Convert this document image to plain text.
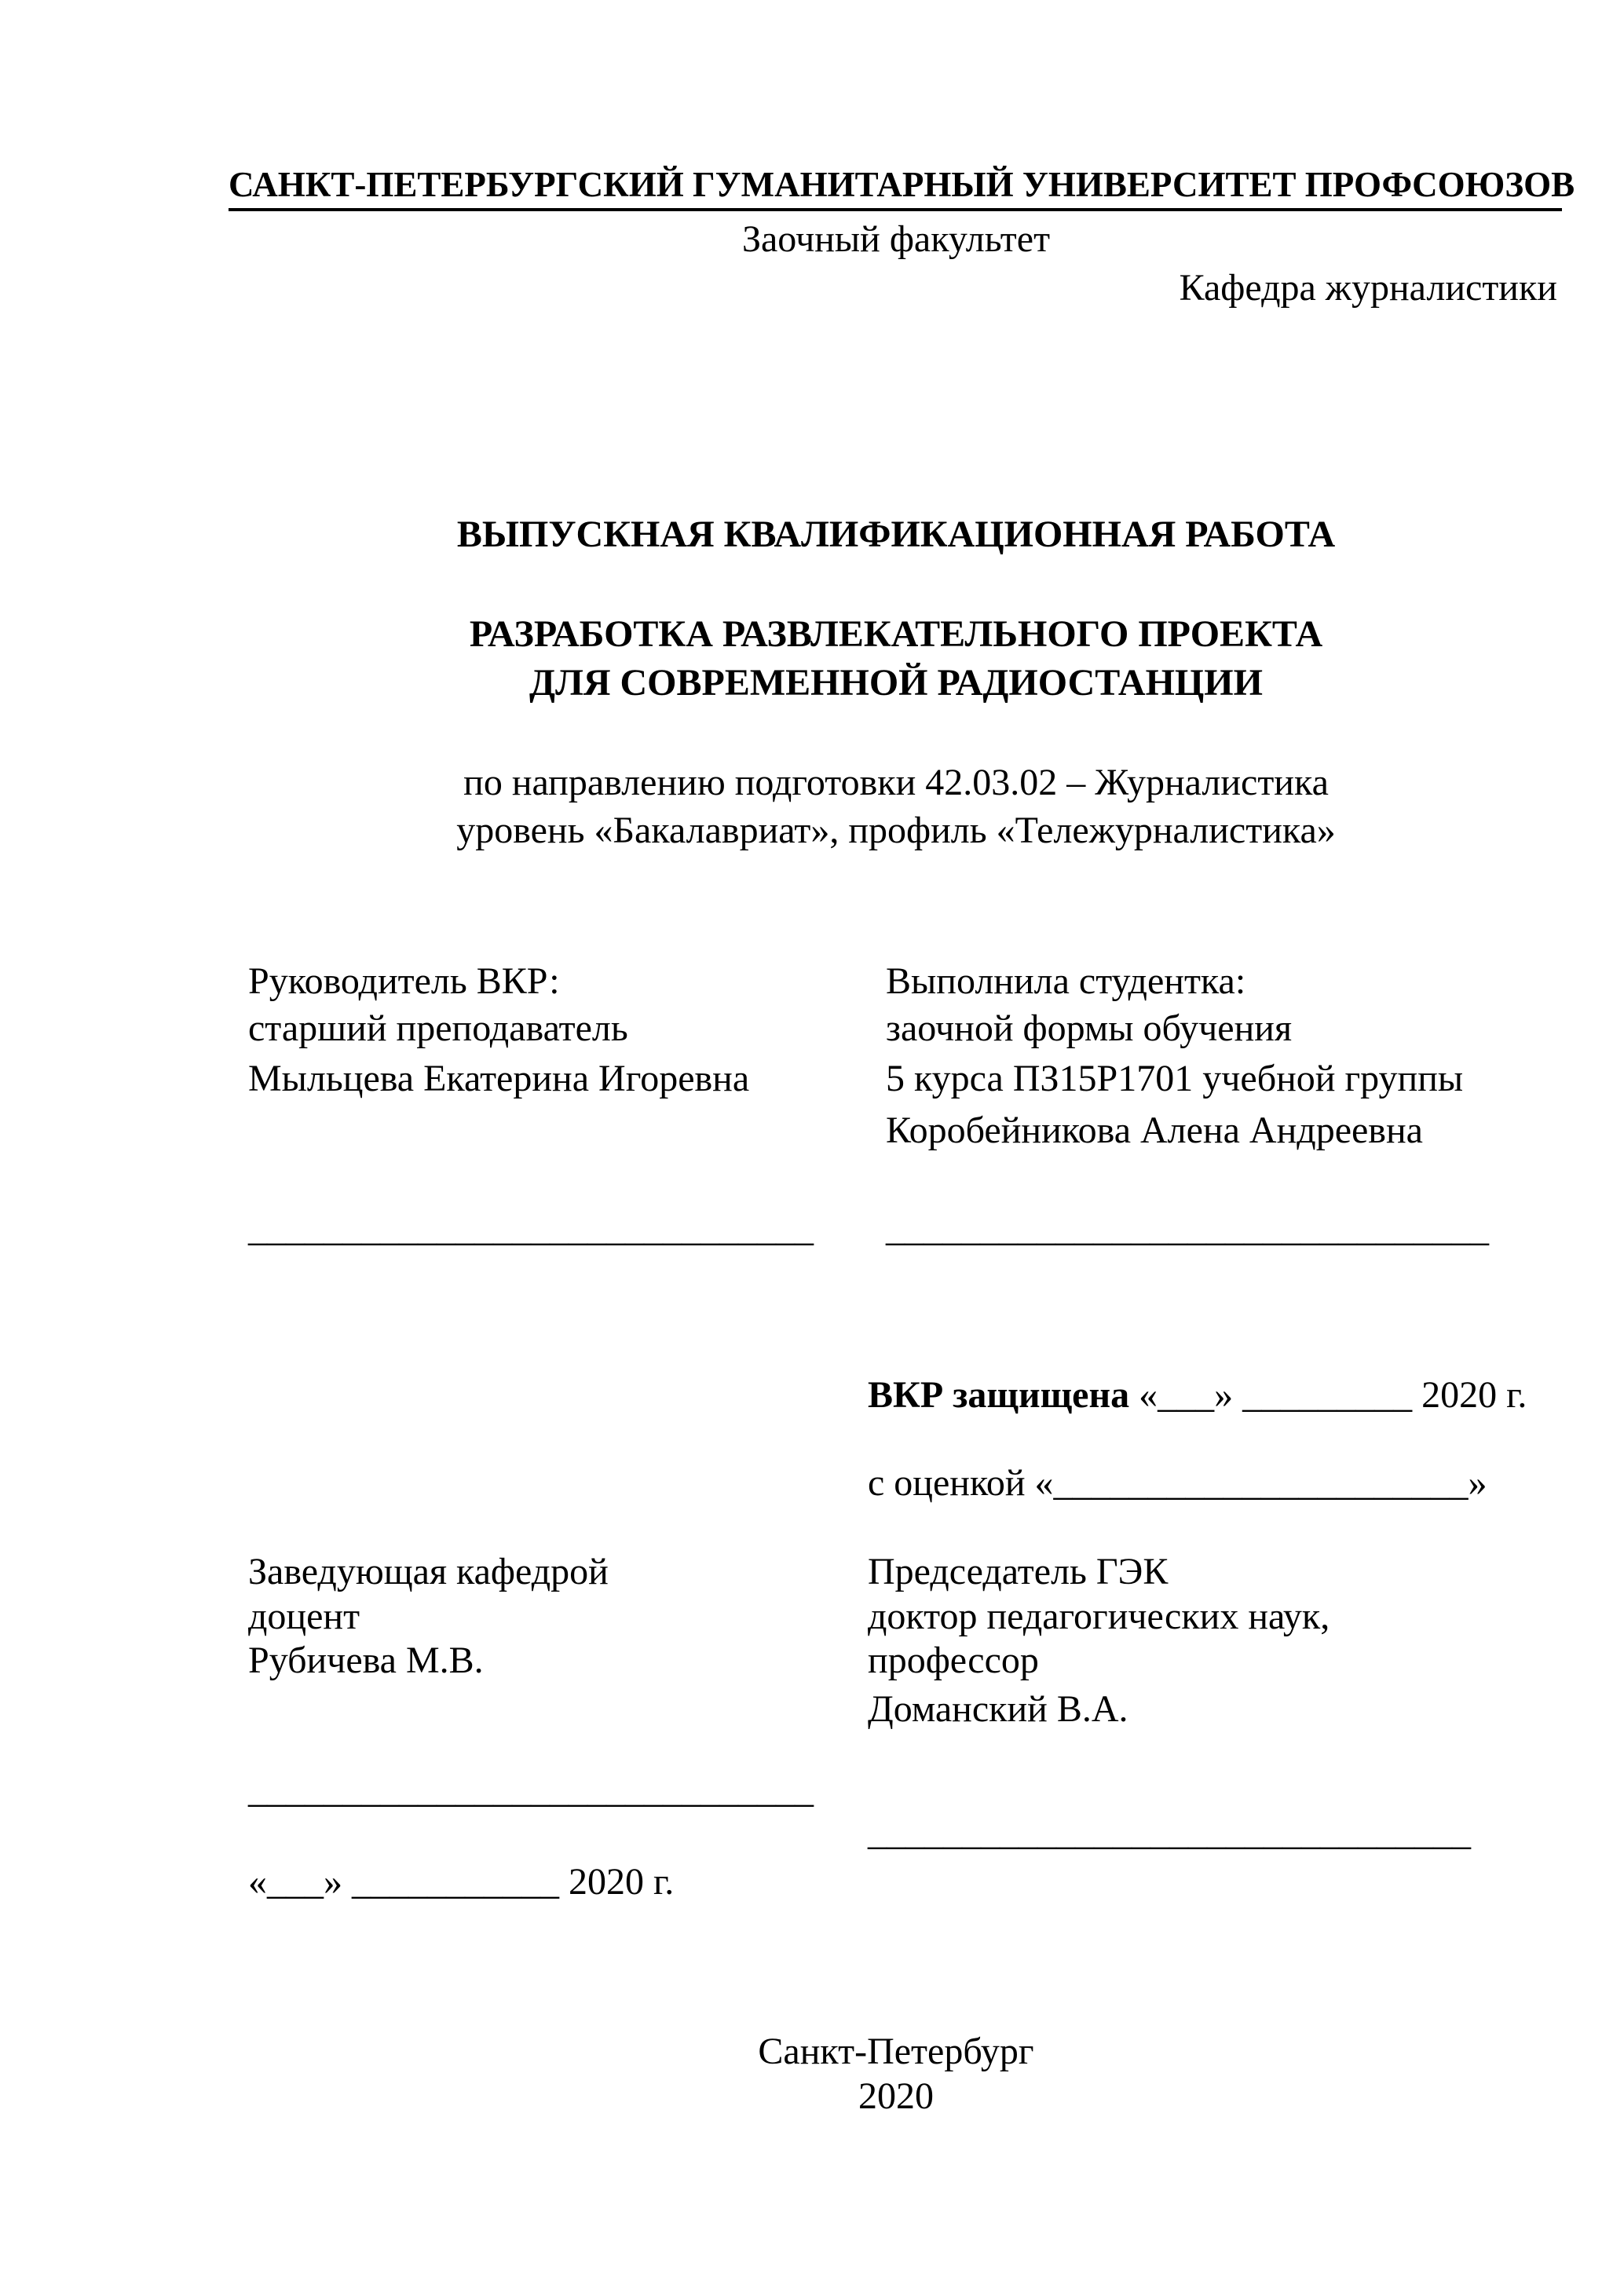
САНКТ-ПЕТЕРБУРГСКИЙ ГУМАНИТАРНЫЙ УНИВЕРСИТЕТ ПРОФСОЮЗОВ
Заочный факультет
Кафедра журналистики
ВЫПУСКНАЯ КВАЛИФИКАЦИОННАЯ РАБОТА
РАЗРАБОТКА РАЗВЛЕКАТЕЛЬНОГО ПРОЕКТА
ДЛЯ СОВРЕМЕННОЙ РАДИОСТАНЦИИ
по направлению подготовки 42.03.02 – Журналистика
уровень «Бакалавриат», профиль «Тележурналистика»
Руководитель ВКР:
старший преподаватель
Мыльцева Екатерина Игоревна
______________________________
Выполнила студентка:
заочной формы обучения
5 курса ПЗ15Р1701 учебной группы
Коробейникова Алена Андреевна
________________________________
ВКР защищена «___» _________ 2020 г.
с оценкой «______________________»
Заведующая кафедрой
доцент
Рубичева М.В.
______________________________
«___» ___________ 2020 г.
Председатель ГЭК
доктор педагогических наук,
профессор
Доманский В.А.
________________________________
Санкт-Петербург
2020
